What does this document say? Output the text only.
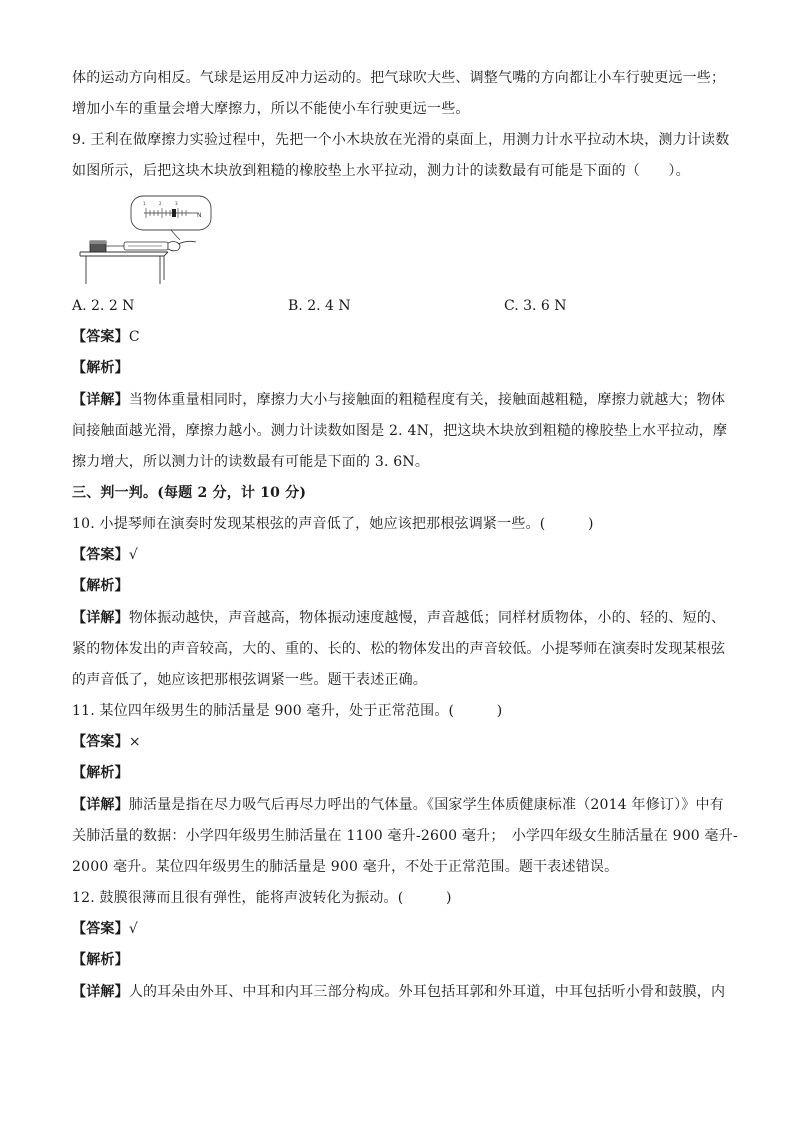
体的运动方向相反。气球是运用反冲力运动的。把气球吹大些、调整气嘴的方向都让小车行驶更远一些；
增加小车的重量会增大摩擦力，所以不能使小车行驶更远一些。
9. 王利在做摩擦力实验过程中，先把一个小木块放在光滑的桌面上，用测力计水平拉动木块，测力计读数
如图所示，后把这块木块放到粗糙的橡胶垫上水平拉动，测力计的读数最有可能是下面的（　　）。
1	2	3
N
A. 2. 2 N	B. 2. 4 N	C. 3. 6 N
【答案】C
【解析】
【详解】当物体重量相同时，摩擦力大小与接触面的粗糙程度有关，接触面越粗糙，摩擦力就越大；物体
间接触面越光滑，摩擦力越小。测力计读数如图是 2. 4N，把这块木块放到粗糙的橡胶垫上水平拉动，摩
擦力增大，所以测力计的读数最有可能是下面的 3. 6N。
三、判一判。(每题 2 分，计 10 分)
10. 小提琴师在演奏时发现某根弦的声音低了，她应该把那根弦调紧一些。(　　　)
【答案】√
【解析】
【详解】物体振动越快，声音越高，物体振动速度越慢，声音越低；同样材质物体，小的、轻的、短的、
紧的物体发出的声音较高，大的、重的、长的、松的物体发出的声音较低。小提琴师在演奏时发现某根弦
的声音低了，她应该把那根弦调紧一些。题干表述正确。
11. 某位四年级男生的肺活量是 900 毫升，处于正常范围。(　　　)
【答案】×
【解析】
【详解】肺活量是指在尽力吸气后再尽力呼出的气体量。《国家学生体质健康标准（2014 年修订）》中有
关肺活量的数据：小学四年级男生肺活量在 1100 毫升-2600 毫升；　小学四年级女生肺活量在 900 毫升-
2000 毫升。某位四年级男生的肺活量是 900 毫升，不处于正常范围。题干表述错误。
12. 鼓膜很薄而且很有弹性，能将声波转化为振动。(　　　)
【答案】√
【解析】
【详解】人的耳朵由外耳、中耳和内耳三部分构成。外耳包括耳郭和外耳道，中耳包括听小骨和鼓膜，内
